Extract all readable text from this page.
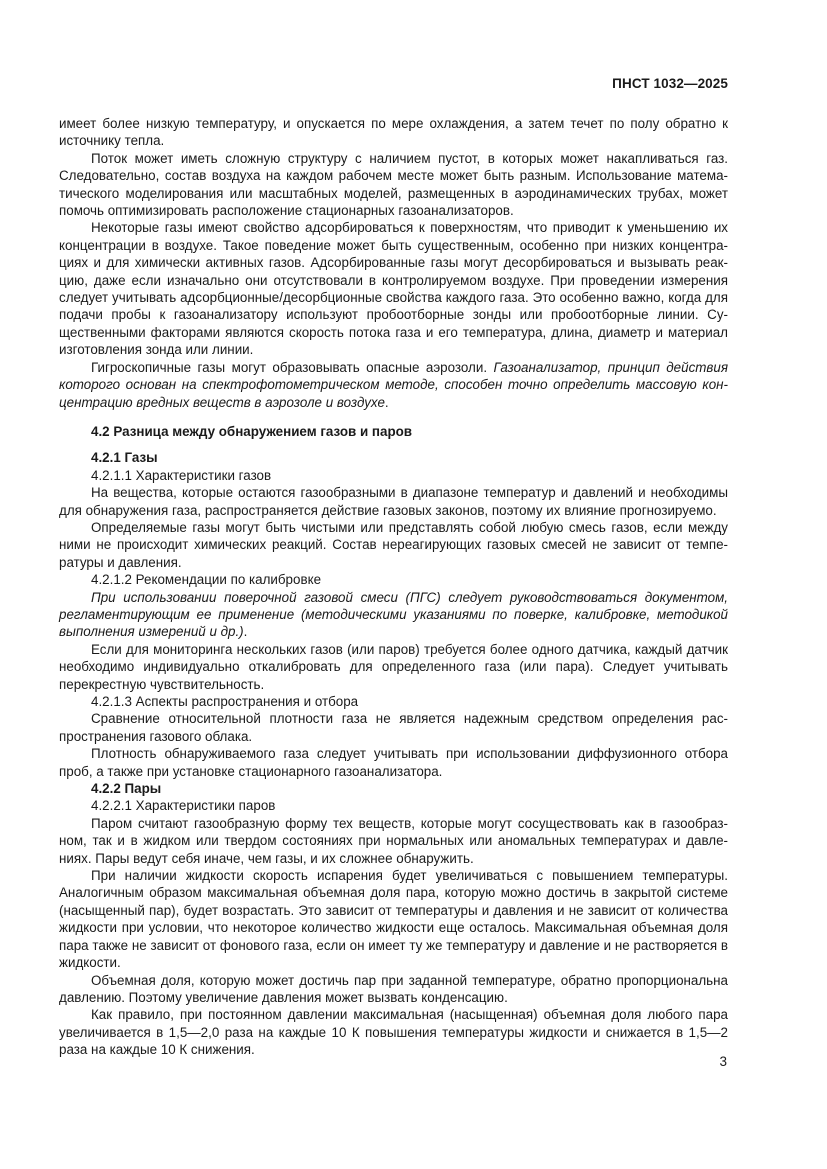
ПНСТ 1032—2025

имеет более низкую температуру, и опускается по мере охлаждения, а затем течет по полу обратно к источнику тепла.

Поток может иметь сложную структуру с наличием пустот, в которых может накапливаться газ. Следовательно, состав воздуха на каждом рабочем месте может быть разным. Использование математического моделирования или масштабных моделей, размещенных в аэродинамических трубах, может помочь оптимизировать расположение стационарных газоанализаторов.

Некоторые газы имеют свойство адсорбироваться к поверхностям, что приводит к уменьшению их концентрации в воздухе. Такое поведение может быть существенным, особенно при низких концентрациях и для химически активных газов. Адсорбированные газы могут десорбироваться и вызывать реакцию, даже если изначально они отсутствовали в контролируемом воздухе. При проведении измерения следует учитывать адсорбционные/десорбционные свойства каждого газа. Это особенно важно, когда для подачи пробы к газоанализатору используют пробоотборные зонды или пробоотборные линии. Существенными факторами являются скорость потока газа и его температура, длина, диаметр и материал изготовления зонда или линии.

Гигроскопичные газы могут образовывать опасные аэрозоли. Газоанализатор, принцип действия которого основан на спектрофотометрическом методе, способен точно определить массовую концентрацию вредных веществ в аэрозоле и воздухе.

4.2 Разница между обнаружением газов и паров

4.2.1 Газы

4.2.1.1 Характеристики газов

На вещества, которые остаются газообразными в диапазоне температур и давлений и необходимы для обнаружения газа, распространяется действие газовых законов, поэтому их влияние прогнозируемо.

Определяемые газы могут быть чистыми или представлять собой любую смесь газов, если между ними не происходит химических реакций. Состав нереагирующих газовых смесей не зависит от температуры и давления.

4.2.1.2 Рекомендации по калибровке

При использовании поверочной газовой смеси (ПГС) следует руководствоваться документом, регламентирующим ее применение (методическими указаниями по поверке, калибровке, методикой выполнения измерений и др.).

Если для мониторинга нескольких газов (или паров) требуется более одного датчика, каждый датчик необходимо индивидуально откалибровать для определенного газа (или пара). Следует учитывать перекрестную чувствительность.

4.2.1.3 Аспекты распространения и отбора

Сравнение относительной плотности газа не является надежным средством определения распространения газового облака.

Плотность обнаруживаемого газа следует учитывать при использовании диффузионного отбора проб, а также при установке стационарного газоанализатора.

4.2.2 Пары

4.2.2.1 Характеристики паров

Паром считают газообразную форму тех веществ, которые могут сосуществовать как в газообразном, так и в жидком или твердом состояниях при нормальных или аномальных температурах и давлениях. Пары ведут себя иначе, чем газы, и их сложнее обнаружить.

При наличии жидкости скорость испарения будет увеличиваться с повышением температуры. Аналогичным образом максимальная объемная доля пара, которую можно достичь в закрытой системе (насыщенный пар), будет возрастать. Это зависит от температуры и давления и не зависит от количества жидкости при условии, что некоторое количество жидкости еще осталось. Максимальная объемная доля пара также не зависит от фонового газа, если он имеет ту же температуру и давление и не растворяется в жидкости.

Объемная доля, которую может достичь пар при заданной температуре, обратно пропорциональна давлению. Поэтому увеличение давления может вызвать конденсацию.

Как правило, при постоянном давлении максимальная (насыщенная) объемная доля любого пара увеличивается в 1,5—2,0 раза на каждые 10 К повышения температуры жидкости и снижается в 1,5—2 раза на каждые 10 К снижения.

3
